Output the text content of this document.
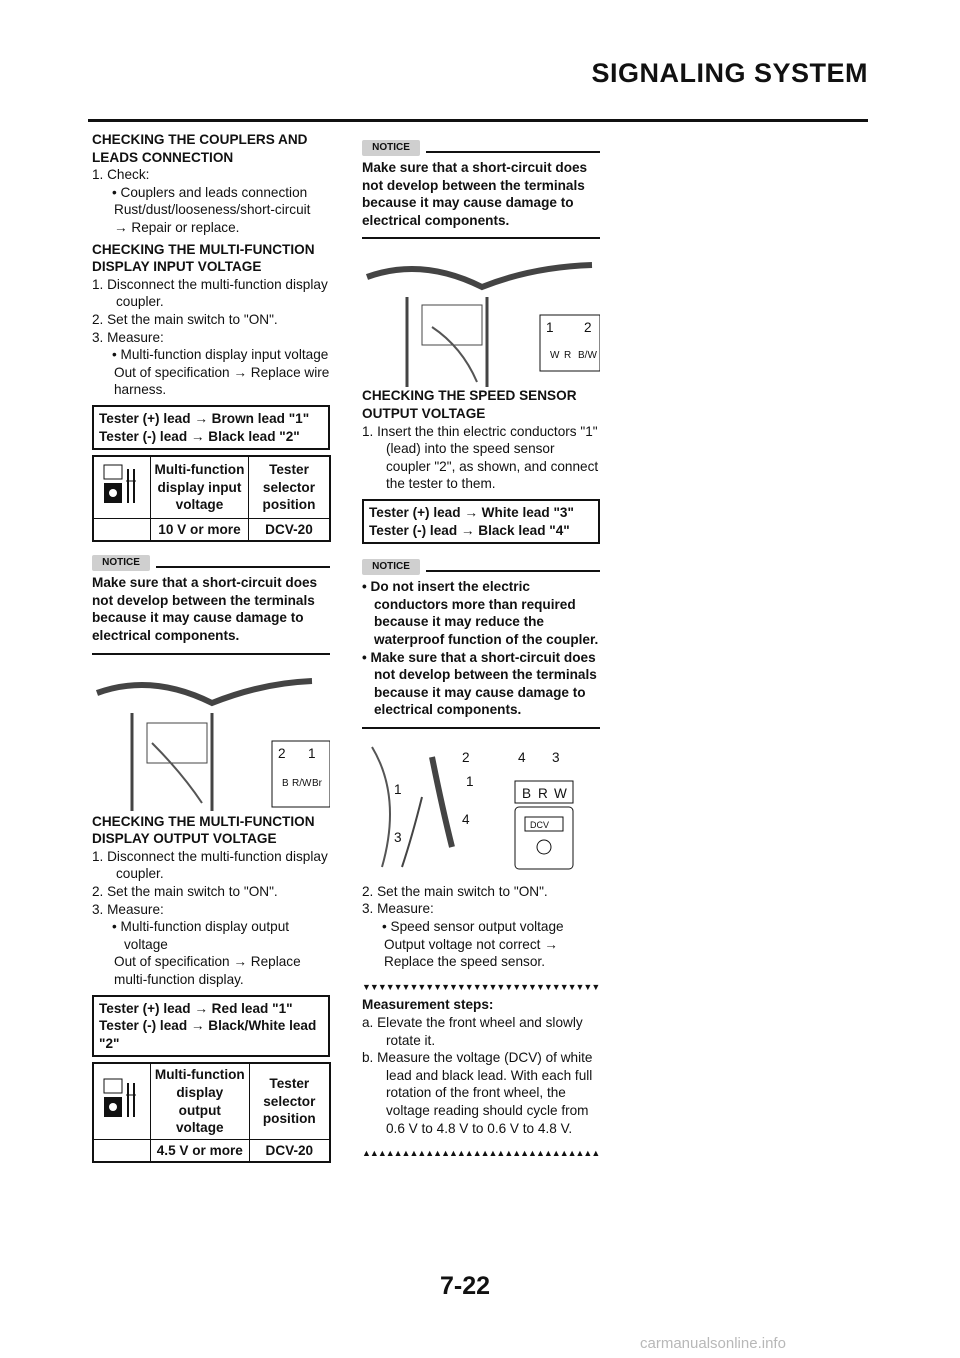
SIGNALING SYSTEM

CHECKING THE COUPLERS AND LEADS CONNECTION

1. Check:

• Couplers and leads connection

Rust/dust/looseness/short-circuit

→ Repair or replace.

CHECKING THE MULTI-FUNCTION DISPLAY INPUT VOLTAGE

1. Disconnect the multi-function display coupler.

2. Set the main switch to "ON".

3. Measure:

• Multi-function display input voltage

Out of specification → Replace wire harness.

Tester (+) lead → Brown lead "1"
Tester (-) lead → Black lead "2"
	Multi-function display input voltage	Tester selector position
	10 V or more	DCV-20
NOTICE

Make sure that a short-circuit does not develop between the terminals because it may cause damage to electrical components.

2 1
B R/W Br

CHECKING THE MULTI-FUNCTION DISPLAY OUTPUT VOLTAGE

1. Disconnect the multi-function display coupler.

2. Set the main switch to "ON".

3. Measure:

• Multi-function display output voltage

Out of specification → Replace multi-function display.

Tester (+) lead → Red lead "1"
Tester (-) lead → Black/White lead "2"
	Multi-function display output voltage	Tester selector position
	4.5 V or more	DCV-20
NOTICE

Make sure that a short-circuit does not develop between the terminals because it may cause damage to electrical components.

1 2
W R B/W

CHECKING THE SPEED SENSOR OUTPUT VOLTAGE

1. Insert the thin electric conductors "1" (lead) into the speed sensor coupler "2", as shown, and connect the tester to them.

Tester (+) lead → White lead "3"
Tester (-) lead → Black lead "4"
NOTICE

• Do not insert the electric conductors more than required because it may reduce the waterproof function of the coupler.

• Make sure that a short-circuit does not develop between the terminals because it may cause damage to electrical components.

2
1
1
4
3
4 3
B R W
DCV

2. Set the main switch to "ON".

3. Measure:

• Speed sensor output voltage

Output voltage not correct → Replace the speed sensor.

▼▼▼▼▼▼▼▼▼▼▼▼▼▼▼▼▼▼▼▼▼▼▼▼▼▼▼▼▼▼

Measurement steps:

a. Elevate the front wheel and slowly rotate it.

b. Measure the voltage (DCV) of white lead and black lead. With each full rotation of the front wheel, the voltage reading should cycle from 0.6 V to 4.8 V to 0.6 V to 4.8 V.

▲▲▲▲▲▲▲▲▲▲▲▲▲▲▲▲▲▲▲▲▲▲▲▲▲▲▲▲▲▲
7-22
carmanualsonline.info
